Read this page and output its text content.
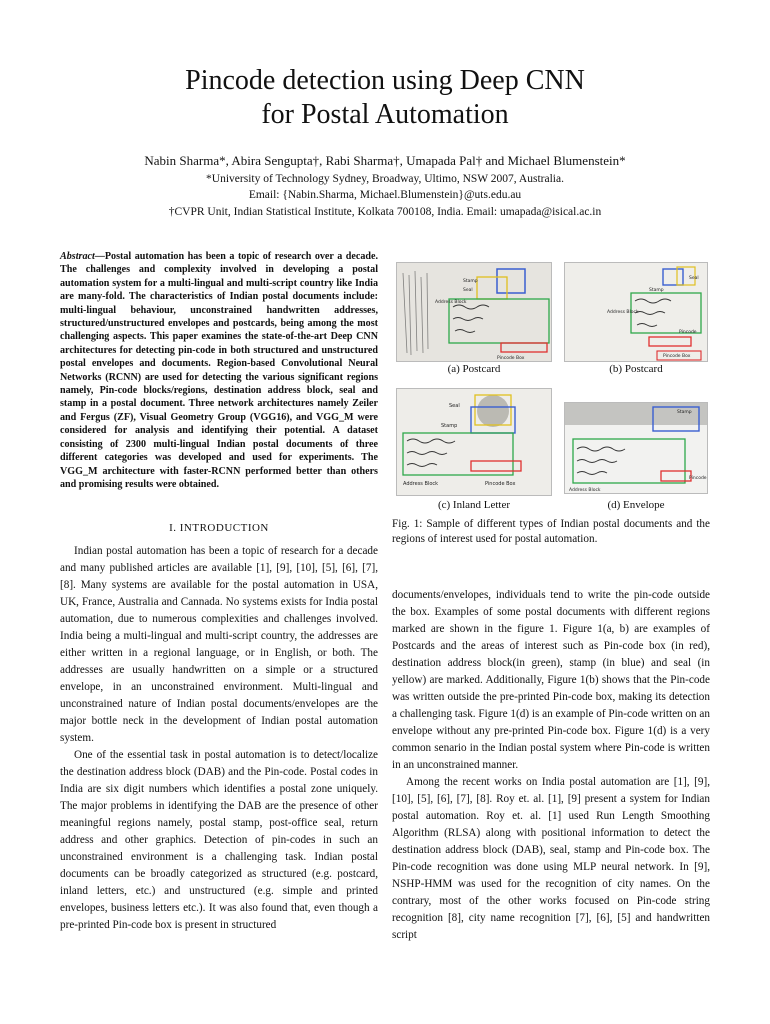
Pincode detection using Deep CNN
for Postal Automation
Nabin Sharma*, Abira Sengupta†, Rabi Sharma†, Umapada Pal† and Michael Blumenstein*
*University of Technology Sydney, Broadway, Ultimo, NSW 2007, Australia.
Email: {Nabin.Sharma, Michael.Blumenstein}@uts.edu.au
†CVPR Unit, Indian Statistical Institute, Kolkata 700108, India. Email: umapada@isical.ac.in
Abstract—Postal automation has been a topic of research over a decade. The challenges and complexity involved in developing a postal automation system for a multi-lingual and multi-script country like India are many-fold. The characteristics of Indian postal documents include: multi-lingual behaviour, unconstrained handwritten addresses, structured/unstructured envelopes and postcards, being among the most challenging aspects. This paper examines the state-of-the-art Deep CNN architectures for detecting pin-code in both structured and unstructured postal envelopes and documents. Region-based Convolutional Neural Networks (RCNN) are used for detecting the various significant regions namely, Pin-code blocks/regions, destination address block, seal and stamp in a postal document. Three network architectures namely Zeiler and Fergus (ZF), Visual Geometry Group (VGG16), and VGG_M were considered for analysis and identifying their potential. A dataset consisting of 2300 multi-lingual Indian postal documents of three different categories was developed and used for experiments. The VGG_M architecture with faster-RCNN performed better than others and promising results were obtained.
I. INTRODUCTION

Indian postal automation has been a topic of research for a decade and many published articles are available [1], [9], [10], [5], [6], [7], [8]. Many systems are available for the postal automation in USA, UK, France, Australia and Cannada. No systems exists for India postal automation, due to numerous complexities and challenges involved. India being a multi-lingual and multi-script country, the addresses are either written in a regional language, or in English, or both. The addresses are usually handwritten on a simple or a structured envelope, in an unconstrained environment. Multi-lingual and unconstrained nature of Indian postal documents/envelopes are the major bottle neck in the development of Indian postal automation system.

One of the essential task in postal automation is to detect/localize the destination address block (DAB) and the Pin-code. Postal codes in India are six digit numbers which identifies a postal zone uniquely. The major problems in identifying the DAB are the presence of other meaningful regions namely, postal stamp, post-office seal, return address and other graphics. Detection of pin-codes in such an unconstrained environment is a challenging task. Indian postal documents can be broadly categorized as structured (e.g. postcard, inland letters, etc.) and unstructured (e.g. simple and printed envelopes, business letters etc.). It was also found that, even though a pre-printed Pin-code box is present in structured

Stamp
Seal
Address Block
Pincode Box
Seal
Stamp
Address Block
Pincode
Pincode Box
(a) Postcard	(b) Postcard
Seal
Stamp
Address Block	Pincode Box
Stamp
Pincode
Address Block
(c) Inland Letter	(d) Envelope
Fig. 1: Sample of different types of Indian postal documents and the regions of interest used for postal automation.

documents/envelopes, individuals tend to write the pin-code outside the box. Examples of some postal documents with different regions marked are shown in the figure 1. Figure 1(a, b) are examples of Postcards and the areas of interest such as Pin-code box (in red), destination address block(in green), stamp (in blue) and seal (in yellow) are marked. Additionally, Figure 1(b) shows that the Pin-code was written outside the pre-printed Pin-code box, making its detection a challenging task. Figure 1(d) is an example of Pin-code written on an envelope without any pre-printed Pin-code box. Figure 1(d) is a very common senario in the Indian postal system where Pin-code is written in an unconstrained manner.

Among the recent works on India postal automation are [1], [9], [10], [5], [6], [7], [8]. Roy et. al. [1], [9] present a system for Indian postal automation. Roy et. al. [1] used Run Length Smoothing Algorithm (RLSA) along with positional information to detect the destination address block (DAB), seal, stamp and Pin-code box. The Pin-code recognition was done using MLP neural network. In [9], NSHP-HMM was used for the recognition of city names. On the contrary, most of the other works focused on Pin-code string recognition [8], city name recognition [7], [6], [5] and handwritten script
